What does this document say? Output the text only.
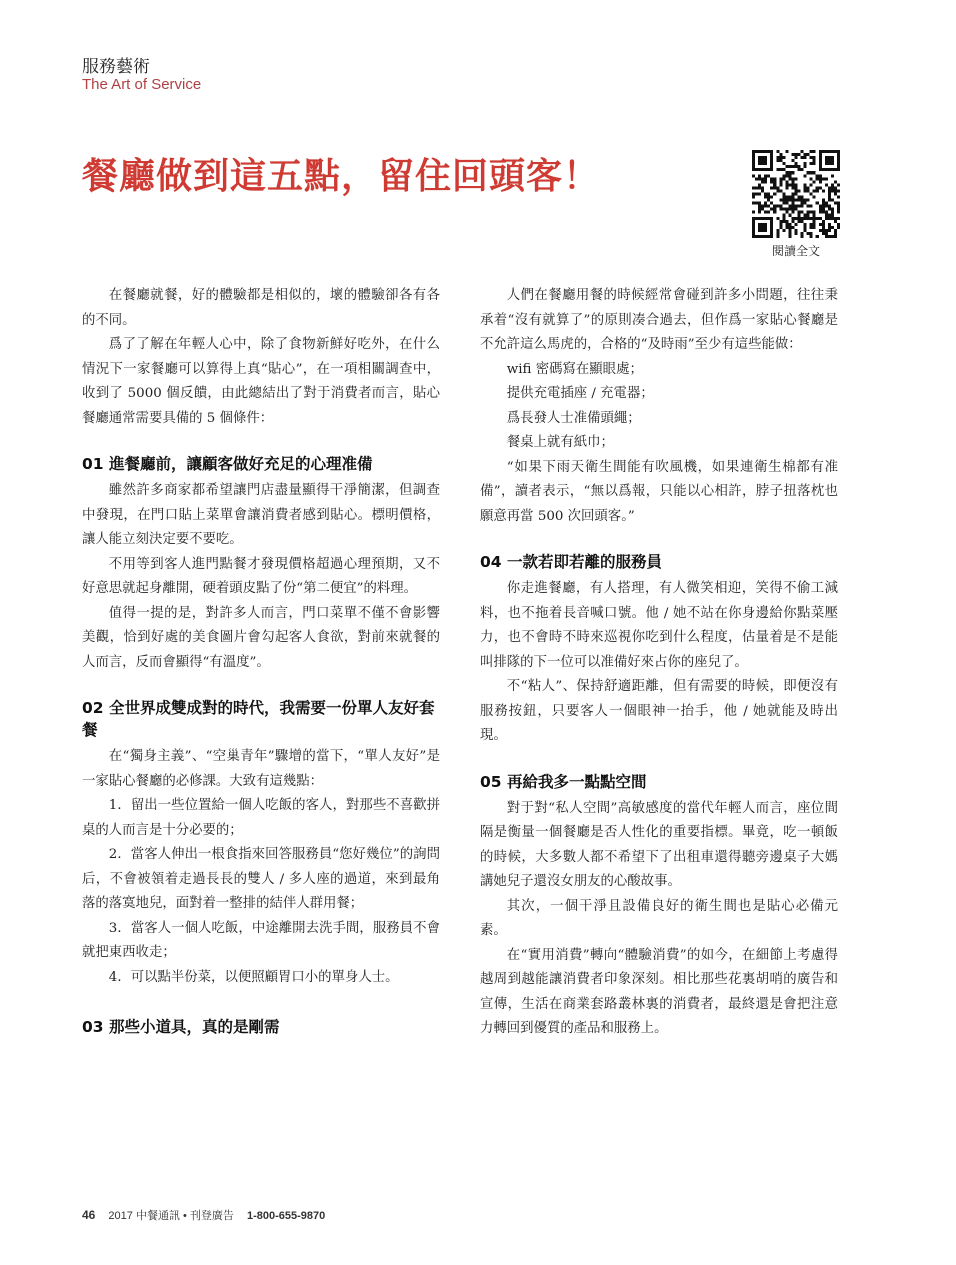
服務藝術
The Art of Service
餐廳做到這五點，留住回頭客！
閱讀全文

在餐廳就餐，好的體驗都是相似的，壞的體驗卻各有各的不同。

爲了了解在年輕人心中，除了食物新鮮好吃外，在什么情況下一家餐廳可以算得上真“貼心”，在一項相關調查中，收到了 5000 個反饋，由此總結出了對于消費者而言，貼心餐廳通常需要具備的 5 個條件：

01 進餐廳前，讓顧客做好充足的心理准備

雖然許多商家都希望讓門店盡量顯得干淨簡潔，但調查中發現，在門口貼上菜單會讓消費者感到貼心。標明價格，讓人能立刻決定要不要吃。

不用等到客人進門點餐才發現價格超過心理預期，又不好意思就起身離開，硬着頭皮點了份“第二便宜”的料理。

值得一提的是，對許多人而言，門口菜單不僅不會影響美觀，恰到好處的美食圖片會勾起客人食欲，對前來就餐的人而言，反而會顯得“有溫度”。

02 全世界成雙成對的時代，我需要一份單人友好套餐

在“獨身主義”、“空巢青年”驟增的當下，“單人友好”是一家貼心餐廳的必修課。大致有這幾點：

1．留出一些位置給一個人吃飯的客人，對那些不喜歡拼桌的人而言是十分必要的；

2．當客人伸出一根食指來回答服務員“您好幾位”的詢問后，不會被領着走過長長的雙人 / 多人座的過道，來到最角落的落寞地兒，面對着一整排的結伴人群用餐；

3．當客人一個人吃飯，中途離開去洗手間，服務員不會就把東西收走；

4．可以點半份菜，以便照顧胃口小的單身人士。

03 那些小道具，真的是剛需

人們在餐廳用餐的時候經常會碰到許多小問題，往往秉承着“沒有就算了”的原則凑合過去，但作爲一家貼心餐廳是不允許這么馬虎的，合格的“及時雨”至少有這些能做：

wifi 密碼寫在顯眼處；

提供充電插座 / 充電器；

爲長發人士准備頭繩；

餐桌上就有紙巾；

“如果下雨天衛生間能有吹風機，如果連衛生棉都有准備”，讀者表示，“無以爲報，只能以心相許，脖子扭落枕也願意再當 500 次回頭客。”

04 一款若即若離的服務員

你走進餐廳，有人搭理，有人微笑相迎，笑得不偷工減料，也不拖着長音喊口號。他 / 她不站在你身邊給你點菜壓力，也不會時不時來巡視你吃到什么程度，估量着是不是能叫排隊的下一位可以准備好來占你的座兒了。

不“粘人”、保持舒適距離，但有需要的時候，即便沒有服務按鈕，只要客人一個眼神一抬手，他 / 她就能及時出現。

05 再給我多一點點空間

對于對“私人空間”高敏感度的當代年輕人而言，座位間隔是衡量一個餐廳是否人性化的重要指標。畢竟，吃一頓飯的時候，大多數人都不希望下了出租車還得聽旁邊桌子大媽講她兒子還沒女朋友的心酸故事。

其次，一個干淨且設備良好的衛生間也是貼心必備元素。

在“實用消費”轉向“體驗消費”的如今，在細節上考慮得越周到越能讓消費者印象深刻。相比那些花裏胡哨的廣告和宣傳，生活在商業套路叢林裏的消費者，最終還是會把注意力轉回到優質的產品和服務上。

46 2017 中餐通訊 • 刊登廣告 1-800-655-9870
